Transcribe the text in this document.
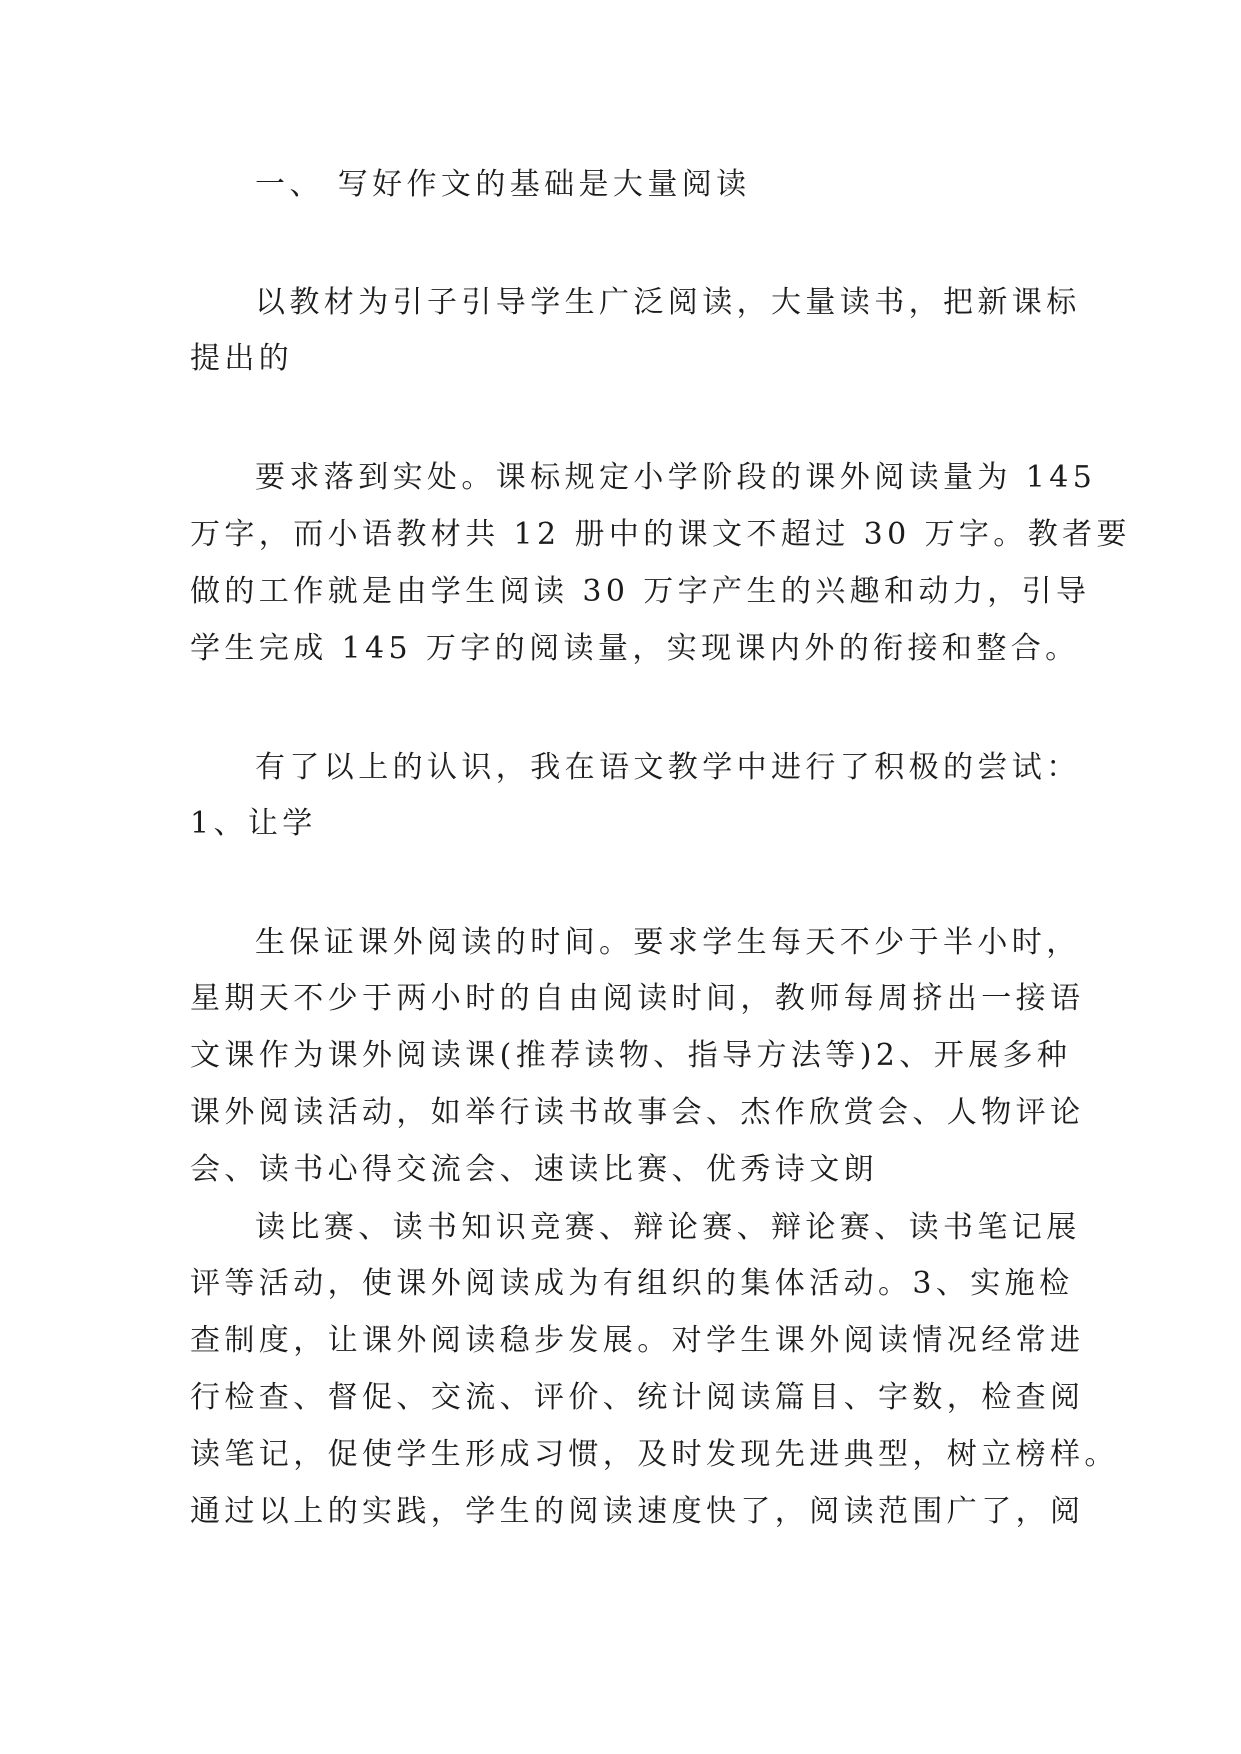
一、 写好作文的基础是大量阅读

以教材为引子引导学生广泛阅读，大量读书，把新课标

提出的

要求落到实处。课标规定小学阶段的课外阅读量为 145

万字，而小语教材共 12 册中的课文不超过 30 万字。教者要

做的工作就是由学生阅读 30 万字产生的兴趣和动力，引导

学生完成 145 万字的阅读量，实现课内外的衔接和整合。

有了以上的认识，我在语文教学中进行了积极的尝试：

1、让学

生保证课外阅读的时间。要求学生每天不少于半小时，

星期天不少于两小时的自由阅读时间，教师每周挤出一接语

文课作为课外阅读课(推荐读物、指导方法等)2、开展多种

课外阅读活动，如举行读书故事会、杰作欣赏会、人物评论

会、读书心得交流会、速读比赛、优秀诗文朗

读比赛、读书知识竞赛、辩论赛、辩论赛、读书笔记展

评等活动，使课外阅读成为有组织的集体活动。3、实施检

查制度，让课外阅读稳步发展。对学生课外阅读情况经常进

行检查、督促、交流、评价、统计阅读篇目、字数，检查阅

读笔记，促使学生形成习惯，及时发现先进典型，树立榜样。

通过以上的实践，学生的阅读速度快了，阅读范围广了，阅
